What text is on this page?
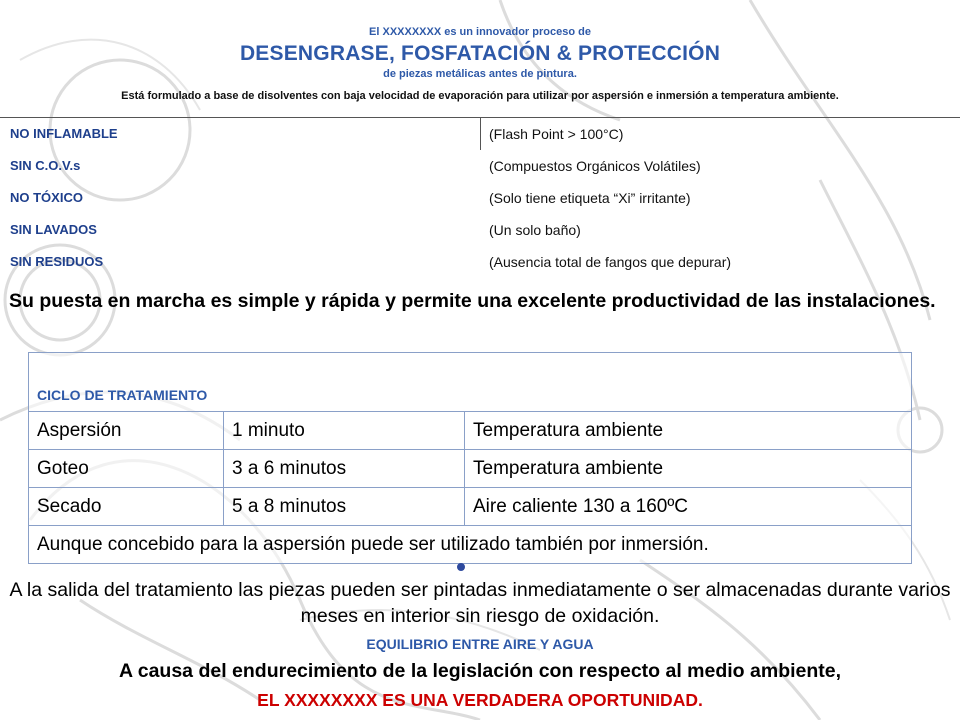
El XXXXXXXX es un innovador proceso de
DESENGRASE, FOSFATACIÓN & PROTECCIÓN
de piezas metálicas antes de pintura.
Está formulado a base de disolventes con baja velocidad de evaporación para utilizar por aspersión e inmersión a temperatura ambiente.
NO INFLAMABLE	(Flash Point > 100°C)
SIN C.O.V.s	(Compuestos Orgánicos Volátiles)
NO TÓXICO	(Solo tiene etiqueta “Xi” irritante)
SIN LAVADOS	(Un solo baño)
SIN RESIDUOS	(Ausencia total de fangos que depurar)
Su puesta en marcha es simple y rápida y permite una excelente productividad de las instalaciones.
CICLO DE TRATAMIENTO		
Aspersión	1 minuto	Temperatura ambiente
Goteo	3 a 6 minutos	Temperatura ambiente
Secado	5 a 8 minutos	Aire caliente 130 a 160ºC
Aunque concebido para la aspersión puede ser utilizado también por inmersión.		
A la salida del tratamiento las piezas pueden ser pintadas inmediatamente o ser almacenadas durante varios meses en interior sin riesgo de oxidación.
EQUILIBRIO ENTRE AIRE Y AGUA
A causa del endurecimiento de la legislación con respecto al medio ambiente,
EL XXXXXXXX ES UNA VERDADERA OPORTUNIDAD.
